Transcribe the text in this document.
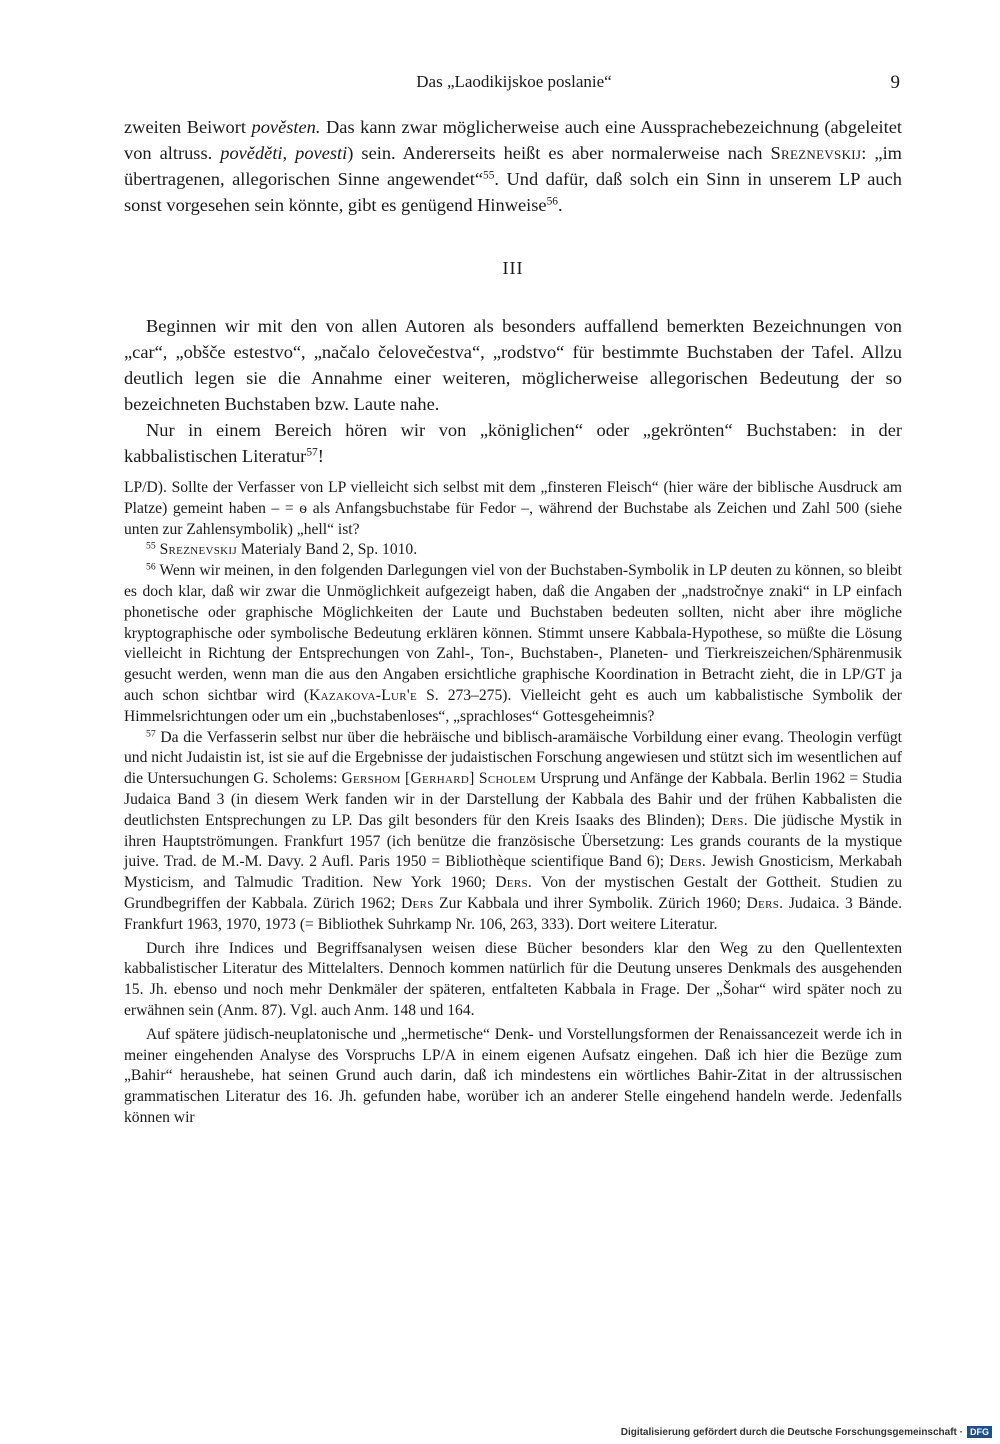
Das „Laodikijskoe poslanie“	9

zweiten Beiwort pověsten. Das kann zwar möglicherweise auch eine Aussprachebezeichnung (abgeleitet von altruss. pověděti, povesti) sein. Andererseits heißt es aber normalerweise nach Sreznevskij: „im übertragenen, allegorischen Sinne angewendet“$^{55}$. Und dafür, daß solch ein Sinn in unserem LP auch sonst vorgesehen sein könnte, gibt es genügend Hinweise$^{56}$.

III

Beginnen wir mit den von allen Autoren als besonders auffallend bemerkten Bezeichnungen von „car“, „obšče estestvo“, „načalo čelovečestva“, „rodstvo“ für bestimmte Buchstaben der Tafel. Allzu deutlich legen sie die Annahme einer weiteren, möglicherweise allegorischen Bedeutung der so bezeichneten Buchstaben bzw. Laute nahe.

Nur in einem Bereich hören wir von „königlichen“ oder „gekrönten“ Buchstaben: in der kabbalistischen Literatur$^{57}$!

LP/D). Sollte der Verfasser von LP vielleicht sich selbst mit dem „finsteren Fleisch“ (hier wäre der biblische Ausdruck am Platze) gemeint haben – = ѳ als Anfangsbuchstabe für Fedor –, während der Buchstabe als Zeichen und Zahl 500 (siehe unten zur Zahlensymbolik) „hell“ ist?

$^{55}$ Sreznevskij Materialy Band 2, Sp. 1010.

$^{56}$ Wenn wir meinen, in den folgenden Darlegungen viel von der Buchstaben-Symbolik in LP deuten zu können, so bleibt es doch klar, daß wir zwar die Unmöglichkeit aufgezeigt haben, daß die Angaben der „nadstročnye znaki“ in LP einfach phonetische oder graphische Möglichkeiten der Laute und Buchstaben bedeuten sollten, nicht aber ihre mögliche kryptographische oder symbolische Bedeutung erklären können. Stimmt unsere Kabbala-Hypothese, so müßte die Lösung vielleicht in Richtung der Entsprechungen von Zahl-, Ton-, Buchstaben-, Planeten- und Tierkreiszeichen/Sphärenmusik gesucht werden, wenn man die aus den Angaben ersichtliche graphische Koordination in Betracht zieht, die in LP/GT ja auch schon sichtbar wird (Kazakova-Lur'e S. 273–275). Vielleicht geht es auch um kabbalistische Symbolik der Himmelsrichtungen oder um ein „buchstabenloses“, „sprachloses“ Gottesgeheimnis?

$^{57}$ Da die Verfasserin selbst nur über die hebräische und biblisch-aramäische Vorbildung einer evang. Theologin verfügt und nicht Judaistin ist, ist sie auf die Ergebnisse der judaistischen Forschung angewiesen und stützt sich im wesentlichen auf die Untersuchungen G. Scholems: Gershom [Gerhard] Scholem Ursprung und Anfänge der Kabbala. Berlin 1962 = Studia Judaica Band 3 (in diesem Werk fanden wir in der Darstellung der Kabbala des Bahir und der frühen Kabbalisten die deutlichsten Entsprechungen zu LP. Das gilt besonders für den Kreis Isaaks des Blinden); Ders. Die jüdische Mystik in ihren Hauptströmungen. Frankfurt 1957 (ich benütze die französische Übersetzung: Les grands courants de la mystique juive. Trad. de M.-M. Davy. 2 Aufl. Paris 1950 = Bibliothèque scientifique Band 6); Ders. Jewish Gnosticism, Merkabah Mysticism, and Talmudic Tradition. New York 1960; Ders. Von der mystischen Gestalt der Gottheit. Studien zu Grundbegriffen der Kabbala. Zürich 1962; Ders Zur Kabbala und ihrer Symbolik. Zürich 1960; Ders. Judaica. 3 Bände. Frankfurt 1963, 1970, 1973 (= Bibliothek Suhrkamp Nr. 106, 263, 333). Dort weitere Literatur.

Durch ihre Indices und Begriffsanalysen weisen diese Bücher besonders klar den Weg zu den Quellentexten kabbalistischer Literatur des Mittelalters. Dennoch kommen natürlich für die Deutung unseres Denkmals des ausgehenden 15. Jh. ebenso und noch mehr Denkmäler der späteren, entfalteten Kabbala in Frage. Der „Šohar“ wird später noch zu erwähnen sein (Anm. 87). Vgl. auch Anm. 148 und 164.

Auf spätere jüdisch-neuplatonische und „hermetische“ Denk- und Vorstellungsformen der Renaissancezeit werde ich in meiner eingehenden Analyse des Vorspruchs LP/A in einem eigenen Aufsatz eingehen. Daß ich hier die Bezüge zum „Bahir“ heraushebe, hat seinen Grund auch darin, daß ich mindestens ein wörtliches Bahir-Zitat in der altrussischen grammatischen Literatur des 16. Jh. gefunden habe, worüber ich an anderer Stelle eingehend handeln werde. Jedenfalls können wir

Digitalisierung gefördert durch die Deutsche Forschungsgemeinschaft · DFG
